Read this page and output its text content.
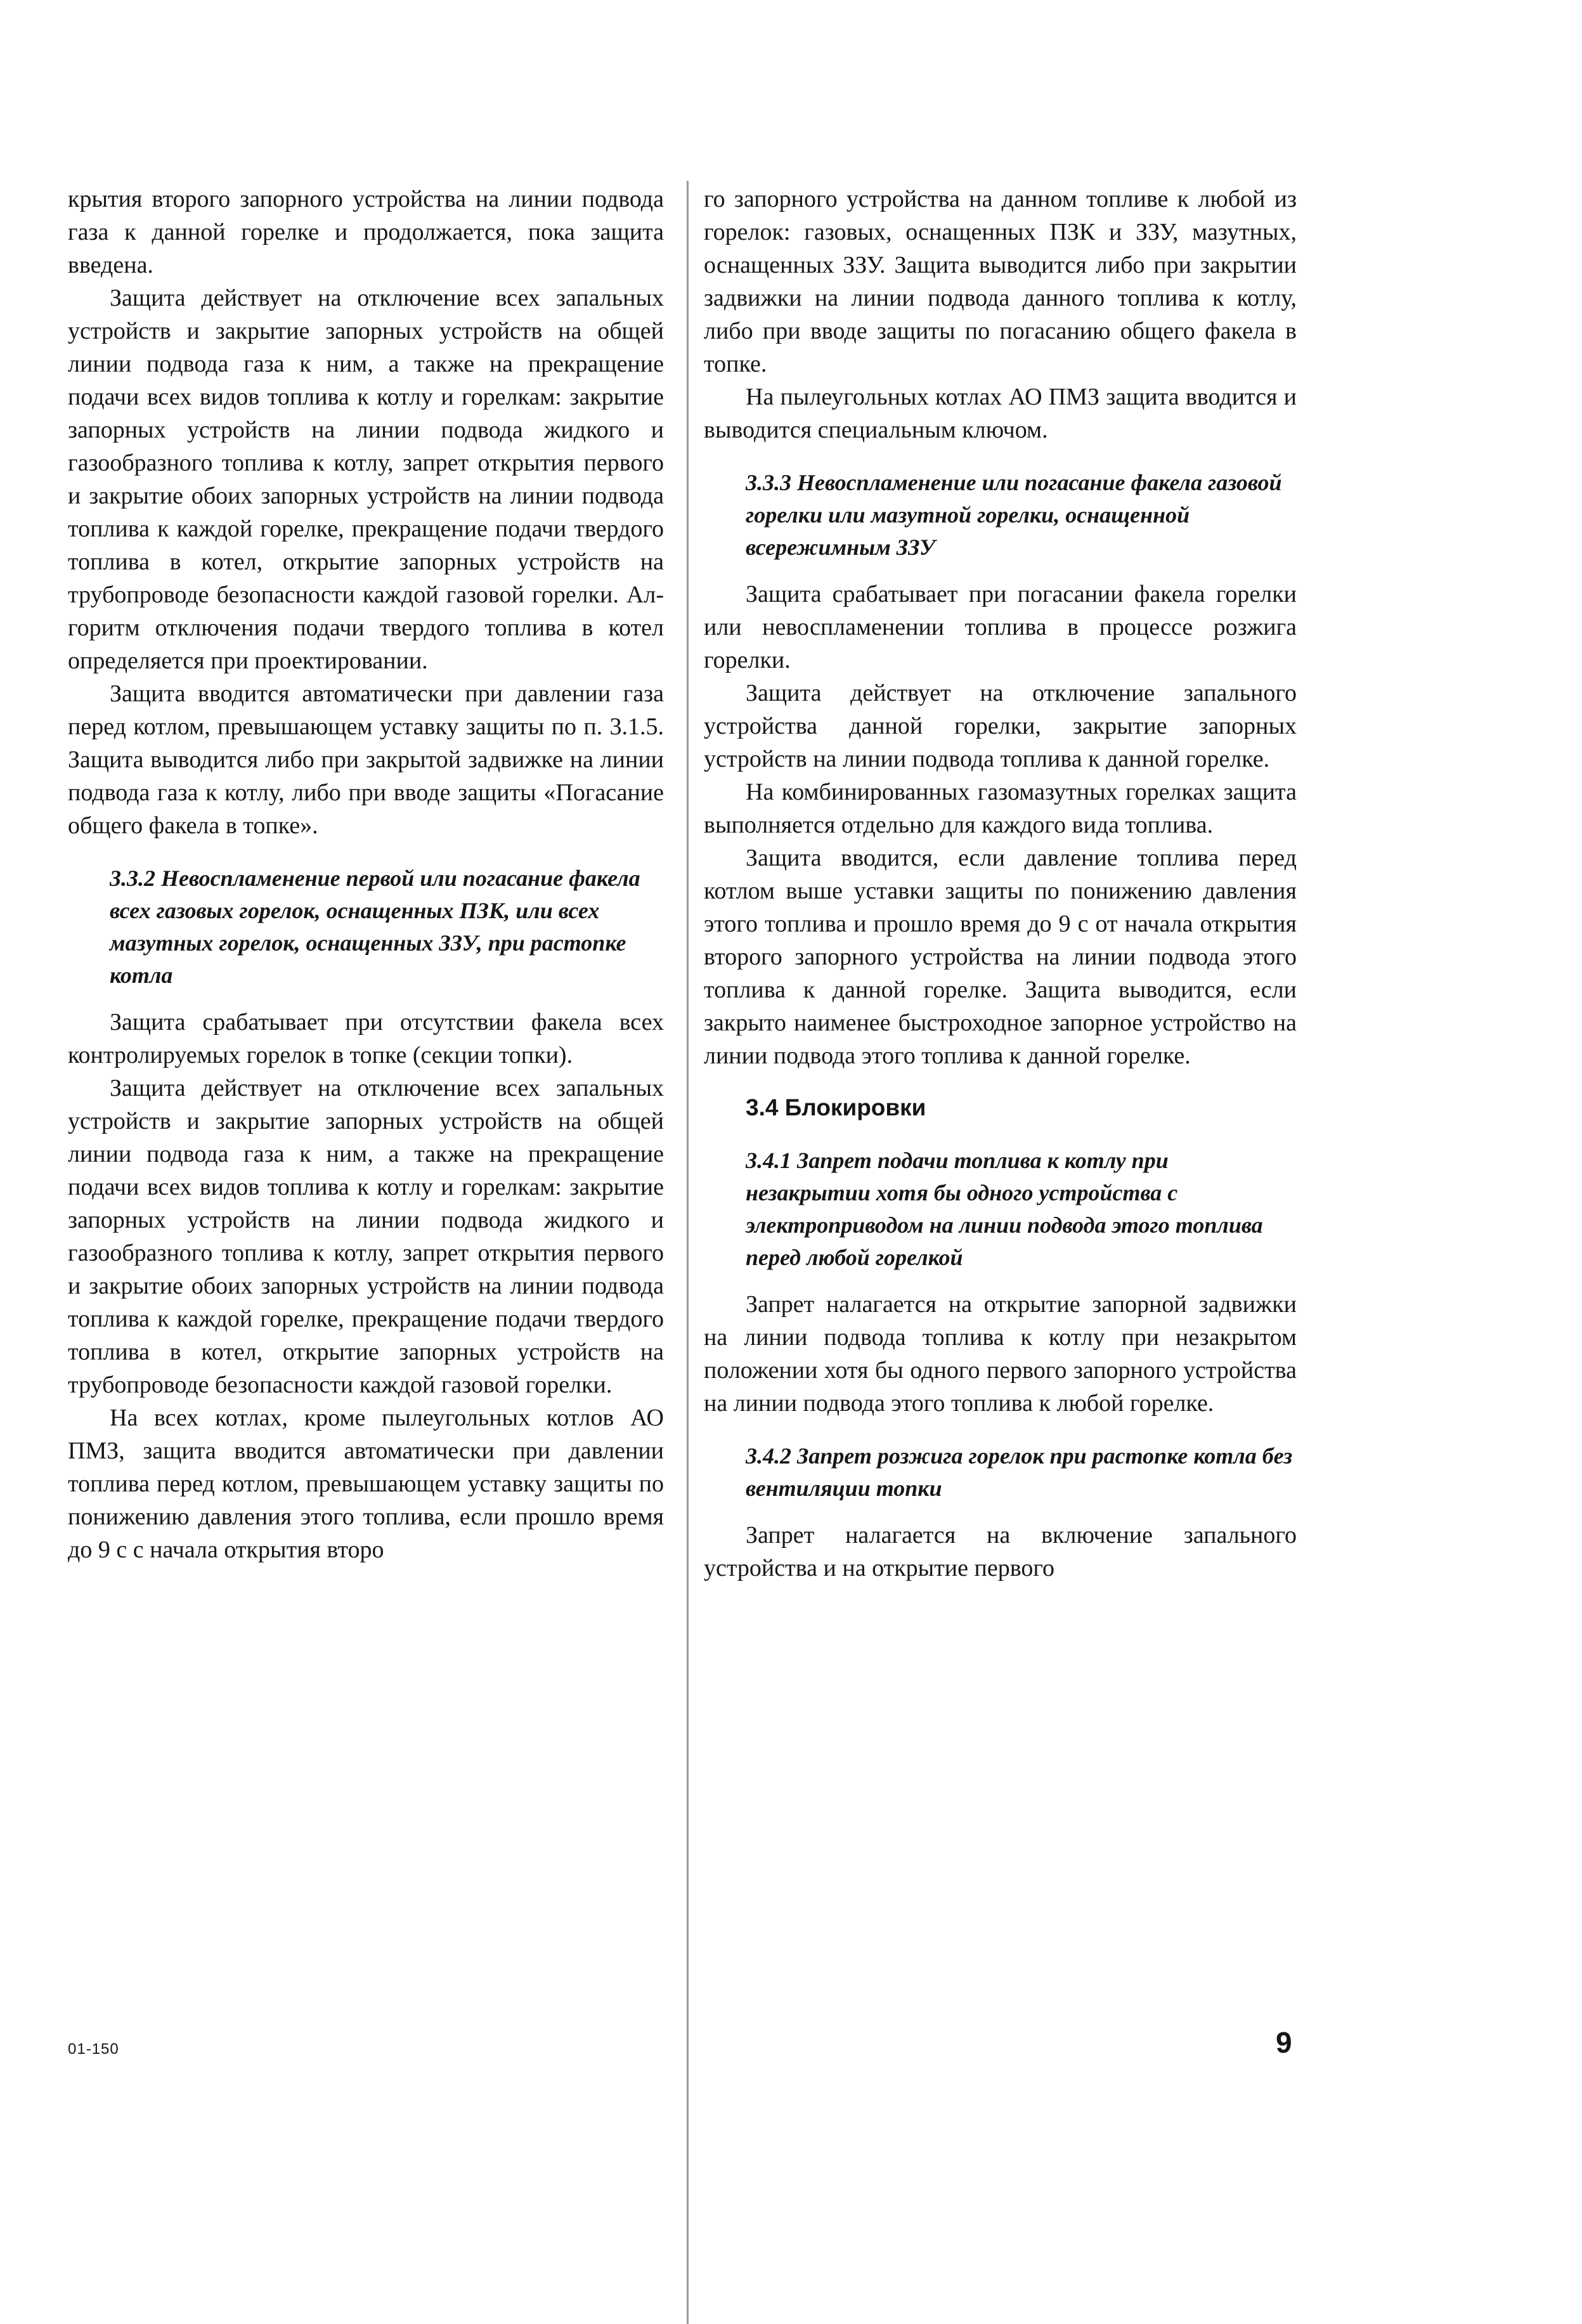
крытия второго запорного устройства на линии подвода газа к данной горелке и продолжается, пока защита введена.

Защита действует на отключение всех запальных устройств и закрытие запорных устройств на общей линии подвода газа к ним, а также на прекращение подачи всех видов топлива к котлу и горелкам: закрытие запорных устройств на линии подвода жидкого и газообразного топлива к котлу, запрет открытия первого и закрытие обоих запорных устройств на линии подвода топлива к каждой горелке, прекращение подачи твердого топлива в котел, открытие запорных устройств на трубопроводе безопасности каждой газовой горелки. Алгоритм отключения подачи твердого топлива в котел определяется при проектировании.

Защита вводится автоматически при давлении газа перед котлом, превышающем уставку защиты по п. 3.1.5. Защита выводится либо при закрытой задвижке на линии подвода газа к котлу, либо при вводе защиты «Погасание общего факела в топке».

3.3.2 Невоспламенение первой или погасание факела всех газовых горелок, оснащенных ПЗК, или всех мазутных горелок, оснащенных ЗЗУ, при растопке котла

Защита срабатывает при отсутствии факела всех контролируемых горелок в топке (секции топки).

Защита действует на отключение всех запальных устройств и закрытие запорных устройств на общей линии подвода газа к ним, а также на прекращение подачи всех видов топлива к котлу и горелкам: закрытие запорных устройств на линии подвода жидкого и газообразного топлива к котлу, запрет открытия первого и закрытие обоих запорных устройств на линии подвода топлива к каждой горелке, прекращение подачи твердого топлива в котел, открытие запорных устройств на трубопроводе безопасности каждой газовой горелки.

На всех котлах, кроме пылеугольных котлов АО ПМЗ, защита вводится автоматически при давлении топлива перед котлом, превышающем уставку защиты по понижению давления этого топлива, если прошло время до 9 с с начала открытия второ

го запорного устройства на данном топливе к любой из горелок: газовых, оснащенных ПЗК и ЗЗУ, мазутных, оснащенных ЗЗУ. Защита выводится либо при закрытии задвижки на линии подвода данного топлива к котлу, либо при вводе защиты по погасанию общего факела в топке.

На пылеугольных котлах АО ПМЗ защита вводится и выводится специальным ключом.

3.3.3 Невоспламенение или погасание факела газовой горелки или мазутной горелки, оснащенной всережимным ЗЗУ

Защита срабатывает при погасании факела горелки или невоспламенении топлива в процессе розжига горелки.

Защита действует на отключение запального устройства данной горелки, закрытие запорных устройств на линии подвода топлива к данной горелке.

На комбинированных газомазутных горелках защита выполняется отдельно для каждого вида топлива.

Защита вводится, если давление топлива перед котлом выше уставки защиты по понижению давления этого топлива и прошло время до 9 с от начала открытия второго запорного устройства на линии подвода этого топлива к данной горелке. Защита выводится, если закрыто наименее быстроходное запорное устройство на линии подвода этого топлива к данной горелке.

3.4 Блокировки
3.4.1 Запрет подачи топлива к котлу при незакрытии хотя бы одного устройства с электроприводом на линии подвода этого топлива перед любой горелкой

Запрет налагается на открытие запорной задвижки на линии подвода топлива к котлу при незакрытом положении хотя бы одного первого запорного устройства на линии подвода этого топлива к любой горелке.

3.4.2 Запрет розжига горелок при растопке котла без вентиляции топки

Запрет налагается на включение запального устройства и на открытие первого

01-150	9
